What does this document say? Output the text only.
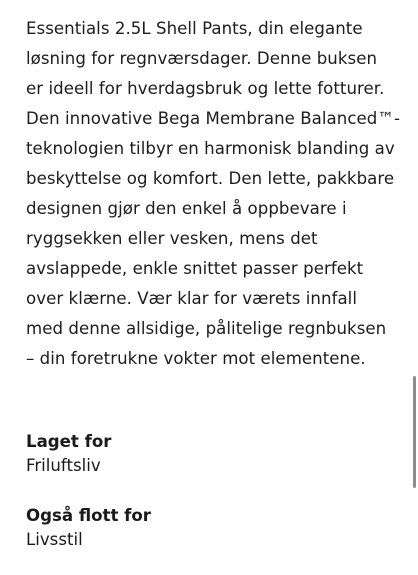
Essentials 2.5L Shell Pants, din elegante
løsning for regnværsdager. Denne buksen
er ideell for hverdagsbruk og lette fotturer.
Den innovative Bega Membrane Balanced™-
teknologien tilbyr en harmonisk blanding av
beskyttelse og komfort. Den lette, pakkbare
designen gjør den enkel å oppbevare i
ryggsekken eller vesken, mens det
avslappede, enkle snittet passer perfekt
over klærne. Vær klar for værets innfall
med denne allsidige, pålitelige regnbuksen
– din foretrukne vokter mot elementene.
Laget for
Friluftsliv
Også flott for
Livsstil
